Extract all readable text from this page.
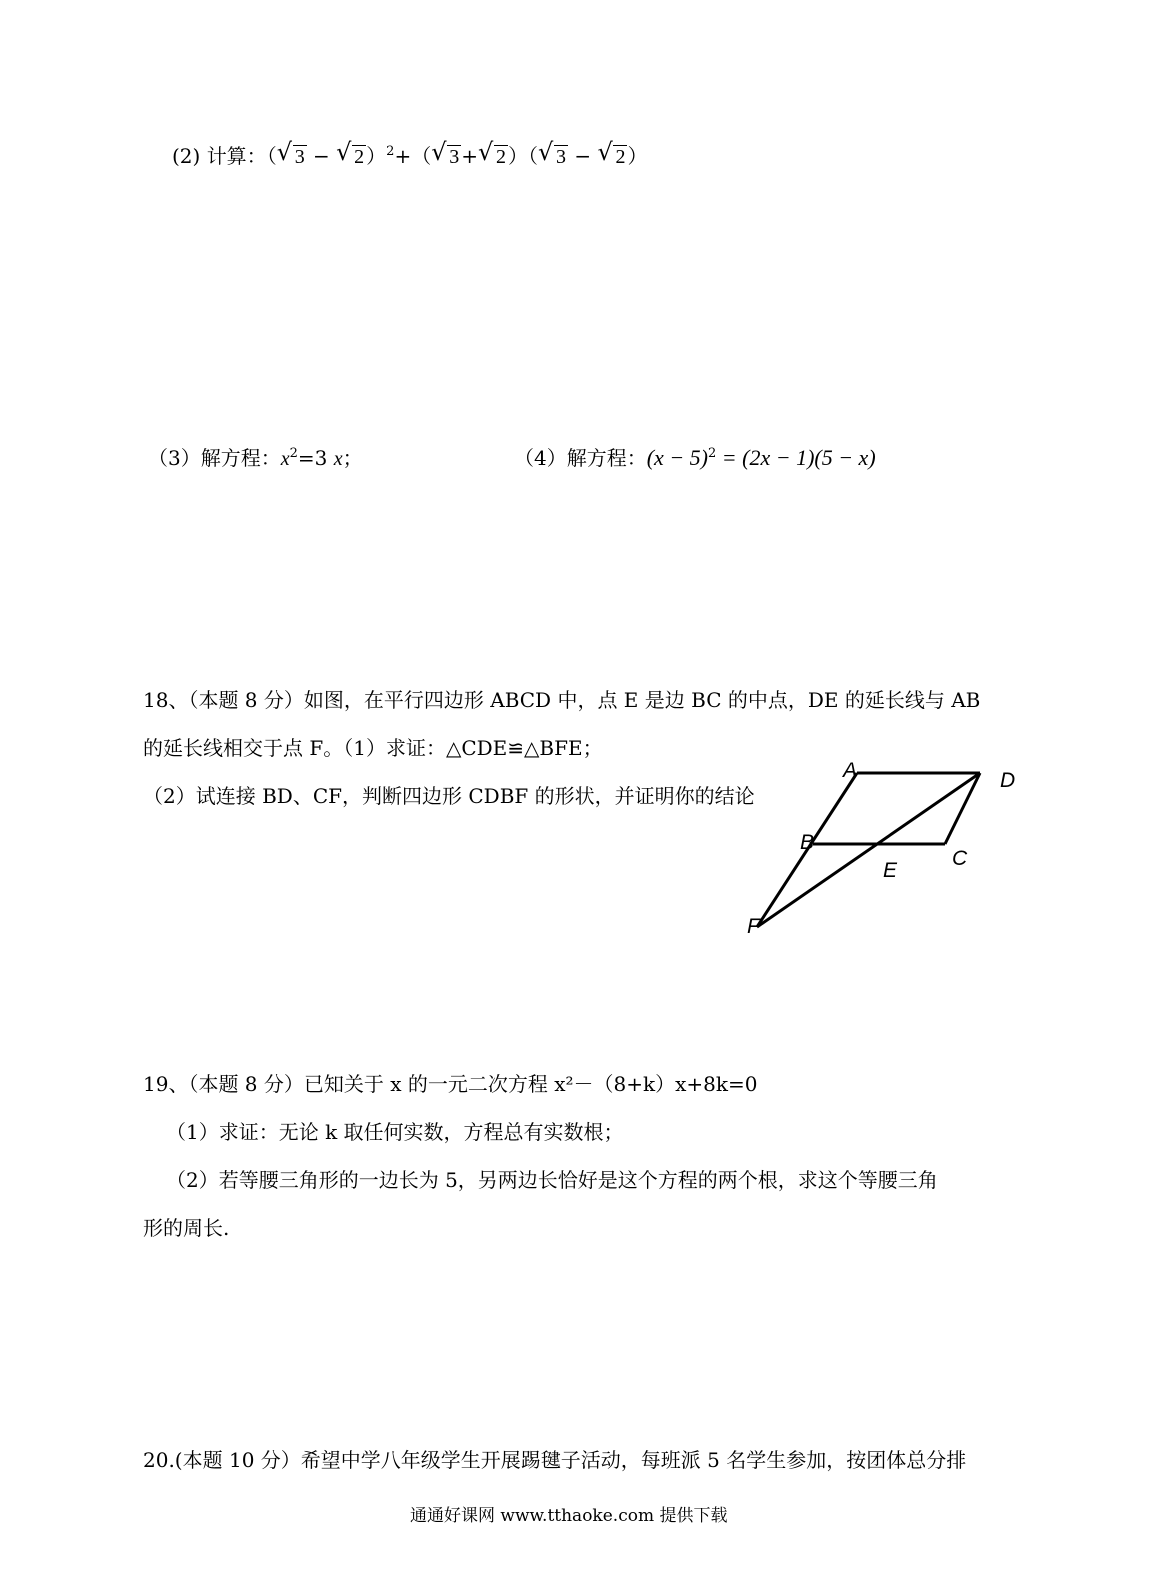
(2) 计算：（ √ 3 − √ 2 ）$^2$+（ √ 3 + √ 2 ）（ √ 3 − √ 2 ）
（3）解方程：$x^2=3$ x；	（4）解方程：$(x - 5)^2 = (2x - 1)(5 - x)$
18、（本题 8 分）如图，在平行四边形 ABCD 中，点 E 是边 BC 的中点，DE 的延长线与 AB
的延长线相交于点 F。（1）求证：△CDE≌△BFE；
（2）试连接 BD、CF，判断四边形 CDBF 的形状，并证明你的结论
A	D
B
C
E
F
19、（本题 8 分）已知关于 x 的一元二次方程 x²－（8+k）x+8k=0
（1）求证：无论 k 取任何实数，方程总有实数根；
（2）若等腰三角形的一边长为 5，另两边长恰好是这个方程的两个根，求这个等腰三角
形的周长.
20.(本题 10 分）希望中学八年级学生开展踢毽子活动，每班派 5 名学生参加，按团体总分排
通通好课网 www.tthaoke.com 提供下载
